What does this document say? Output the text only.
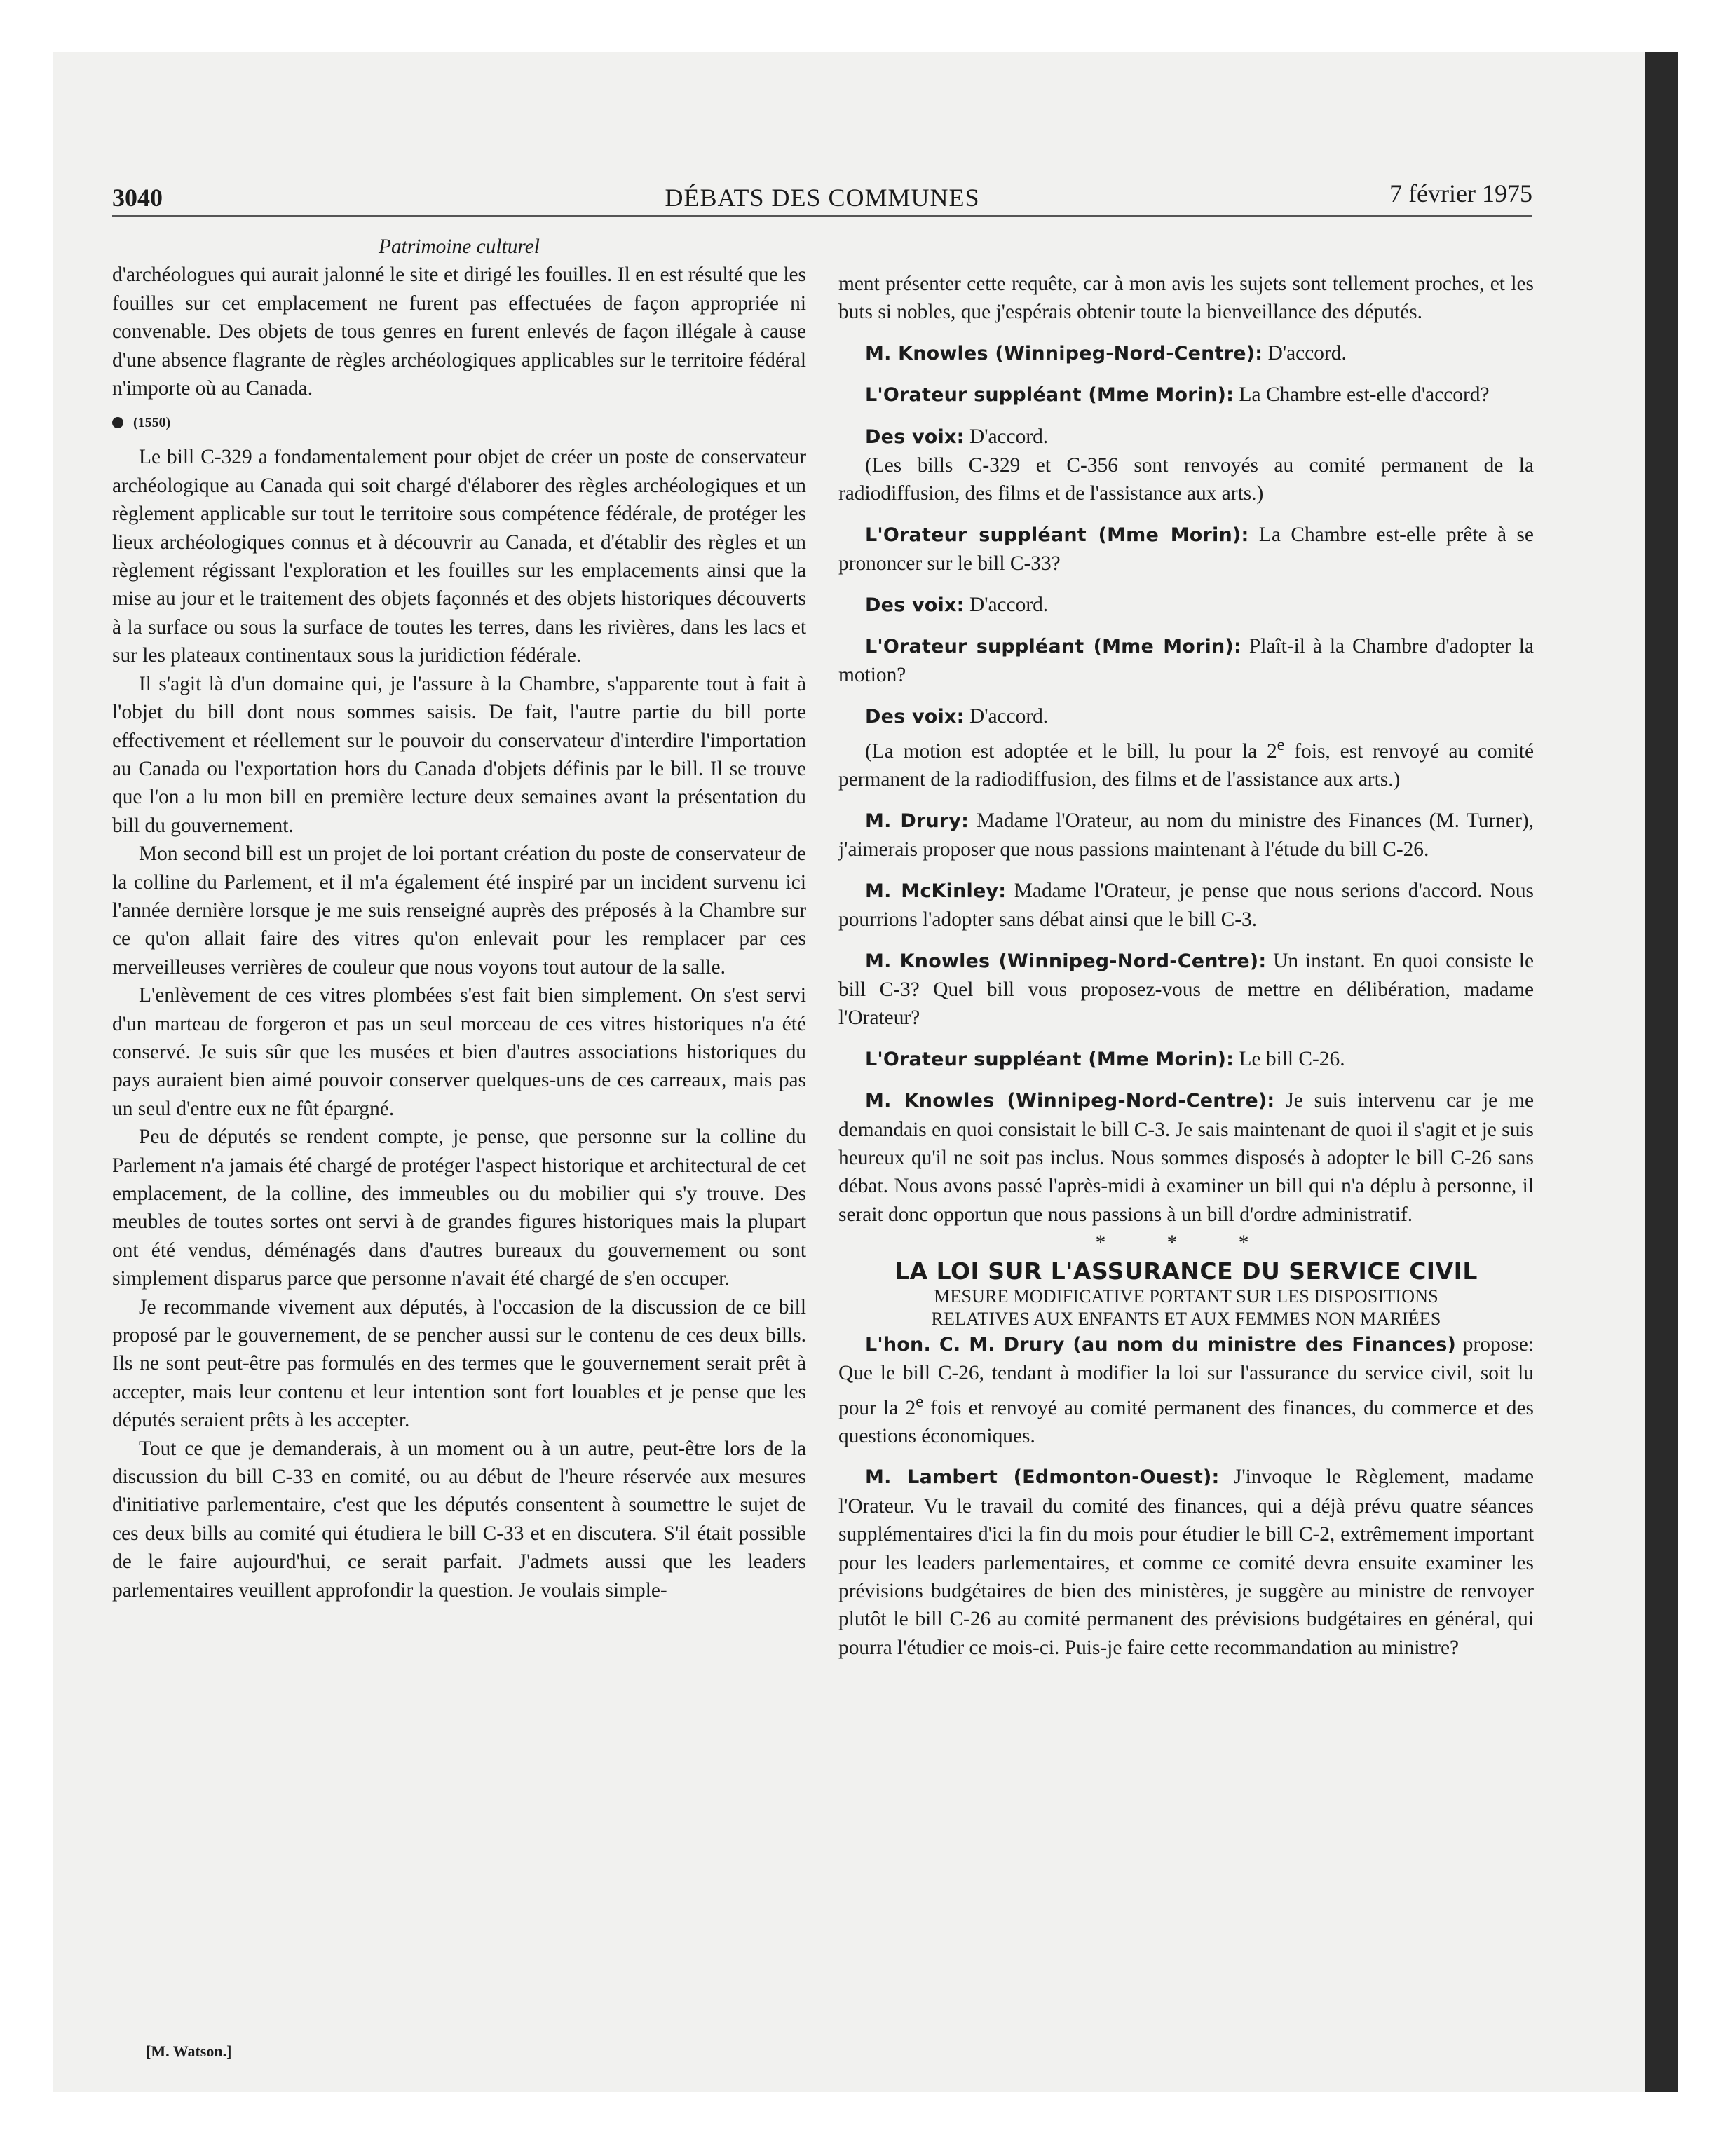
3040	DÉBATS DES COMMUNES	7 février 1975

Patrimoine culturel

d'archéologues qui aurait jalonné le site et dirigé les fouilles. Il en est résulté que les fouilles sur cet emplacement ne furent pas effectuées de façon appropriée ni convenable. Des objets de tous genres en furent enlevés de façon illégale à cause d'une absence flagrante de règles archéologiques applicables sur le territoire fédéral n'importe où au Canada.

(1550)

Le bill C-329 a fondamentalement pour objet de créer un poste de conservateur archéologique au Canada qui soit chargé d'élaborer des règles archéologiques et un règlement applicable sur tout le territoire sous compétence fédérale, de protéger les lieux archéologiques connus et à découvrir au Canada, et d'établir des règles et un règlement régissant l'exploration et les fouilles sur les emplacements ainsi que la mise au jour et le traitement des objets façonnés et des objets historiques découverts à la surface ou sous la surface de toutes les terres, dans les rivières, dans les lacs et sur les plateaux continentaux sous la juridiction fédérale.

Il s'agit là d'un domaine qui, je l'assure à la Chambre, s'apparente tout à fait à l'objet du bill dont nous sommes saisis. De fait, l'autre partie du bill porte effectivement et réellement sur le pouvoir du conservateur d'interdire l'importation au Canada ou l'exportation hors du Canada d'objets définis par le bill. Il se trouve que l'on a lu mon bill en première lecture deux semaines avant la présentation du bill du gouvernement.

Mon second bill est un projet de loi portant création du poste de conservateur de la colline du Parlement, et il m'a également été inspiré par un incident survenu ici l'année dernière lorsque je me suis renseigné auprès des préposés à la Chambre sur ce qu'on allait faire des vitres qu'on enlevait pour les remplacer par ces merveilleuses verrières de couleur que nous voyons tout autour de la salle.

L'enlèvement de ces vitres plombées s'est fait bien simplement. On s'est servi d'un marteau de forgeron et pas un seul morceau de ces vitres historiques n'a été conservé. Je suis sûr que les musées et bien d'autres associations historiques du pays auraient bien aimé pouvoir conserver quelques-uns de ces carreaux, mais pas un seul d'entre eux ne fût épargné.

Peu de députés se rendent compte, je pense, que personne sur la colline du Parlement n'a jamais été chargé de protéger l'aspect historique et architectural de cet emplacement, de la colline, des immeubles ou du mobilier qui s'y trouve. Des meubles de toutes sortes ont servi à de grandes figures historiques mais la plupart ont été vendus, déménagés dans d'autres bureaux du gouvernement ou sont simplement disparus parce que personne n'avait été chargé de s'en occuper.

Je recommande vivement aux députés, à l'occasion de la discussion de ce bill proposé par le gouvernement, de se pencher aussi sur le contenu de ces deux bills. Ils ne sont peut-être pas formulés en des termes que le gouvernement serait prêt à accepter, mais leur contenu et leur intention sont fort louables et je pense que les députés seraient prêts à les accepter.

Tout ce que je demanderais, à un moment ou à un autre, peut-être lors de la discussion du bill C-33 en comité, ou au début de l'heure réservée aux mesures d'initiative parlementaire, c'est que les députés consentent à soumettre le sujet de ces deux bills au comité qui étudiera le bill C-33 et en discutera. S'il était possible de le faire aujourd'hui, ce serait parfait. J'admets aussi que les leaders parlementaires veuillent approfondir la question. Je voulais simple-

[M. Watson.]

ment présenter cette requête, car à mon avis les sujets sont tellement proches, et les buts si nobles, que j'espérais obtenir toute la bienveillance des députés.

M. Knowles (Winnipeg-Nord-Centre): D'accord.

L'Orateur suppléant (Mme Morin): La Chambre est-elle d'accord?

Des voix: D'accord.

(Les bills C-329 et C-356 sont renvoyés au comité permanent de la radiodiffusion, des films et de l'assistance aux arts.)

L'Orateur suppléant (Mme Morin): La Chambre est-elle prête à se prononcer sur le bill C-33?

Des voix: D'accord.

L'Orateur suppléant (Mme Morin): Plaît-il à la Chambre d'adopter la motion?

Des voix: D'accord.

(La motion est adoptée et le bill, lu pour la 2e fois, est renvoyé au comité permanent de la radiodiffusion, des films et de l'assistance aux arts.)

M. Drury: Madame l'Orateur, au nom du ministre des Finances (M. Turner), j'aimerais proposer que nous passions maintenant à l'étude du bill C-26.

M. McKinley: Madame l'Orateur, je pense que nous serions d'accord. Nous pourrions l'adopter sans débat ainsi que le bill C-3.

M. Knowles (Winnipeg-Nord-Centre): Un instant. En quoi consiste le bill C-3? Quel bill vous proposez-vous de mettre en délibération, madame l'Orateur?

L'Orateur suppléant (Mme Morin): Le bill C-26.

M. Knowles (Winnipeg-Nord-Centre): Je suis intervenu car je me demandais en quoi consistait le bill C-3. Je sais maintenant de quoi il s'agit et je suis heureux qu'il ne soit pas inclus. Nous sommes disposés à adopter le bill C-26 sans débat. Nous avons passé l'après-midi à examiner un bill qui n'a déplu à personne, il serait donc opportun que nous passions à un bill d'ordre administratif.

* * *

LA LOI SUR L'ASSURANCE DU SERVICE CIVIL

MESURE MODIFICATIVE PORTANT SUR LES DISPOSITIONS
RELATIVES AUX ENFANTS ET AUX FEMMES NON MARIÉES

L'hon. C. M. Drury (au nom du ministre des Finances) propose: Que le bill C-26, tendant à modifier la loi sur l'assurance du service civil, soit lu pour la 2e fois et renvoyé au comité permanent des finances, du commerce et des questions économiques.

M. Lambert (Edmonton-Ouest): J'invoque le Règlement, madame l'Orateur. Vu le travail du comité des finances, qui a déjà prévu quatre séances supplémentaires d'ici la fin du mois pour étudier le bill C-2, extrêmement important pour les leaders parlementaires, et comme ce comité devra ensuite examiner les prévisions budgétaires de bien des ministères, je suggère au ministre de renvoyer plutôt le bill C-26 au comité permanent des prévisions budgétaires en général, qui pourra l'étudier ce mois-ci. Puis-je faire cette recommandation au ministre?
